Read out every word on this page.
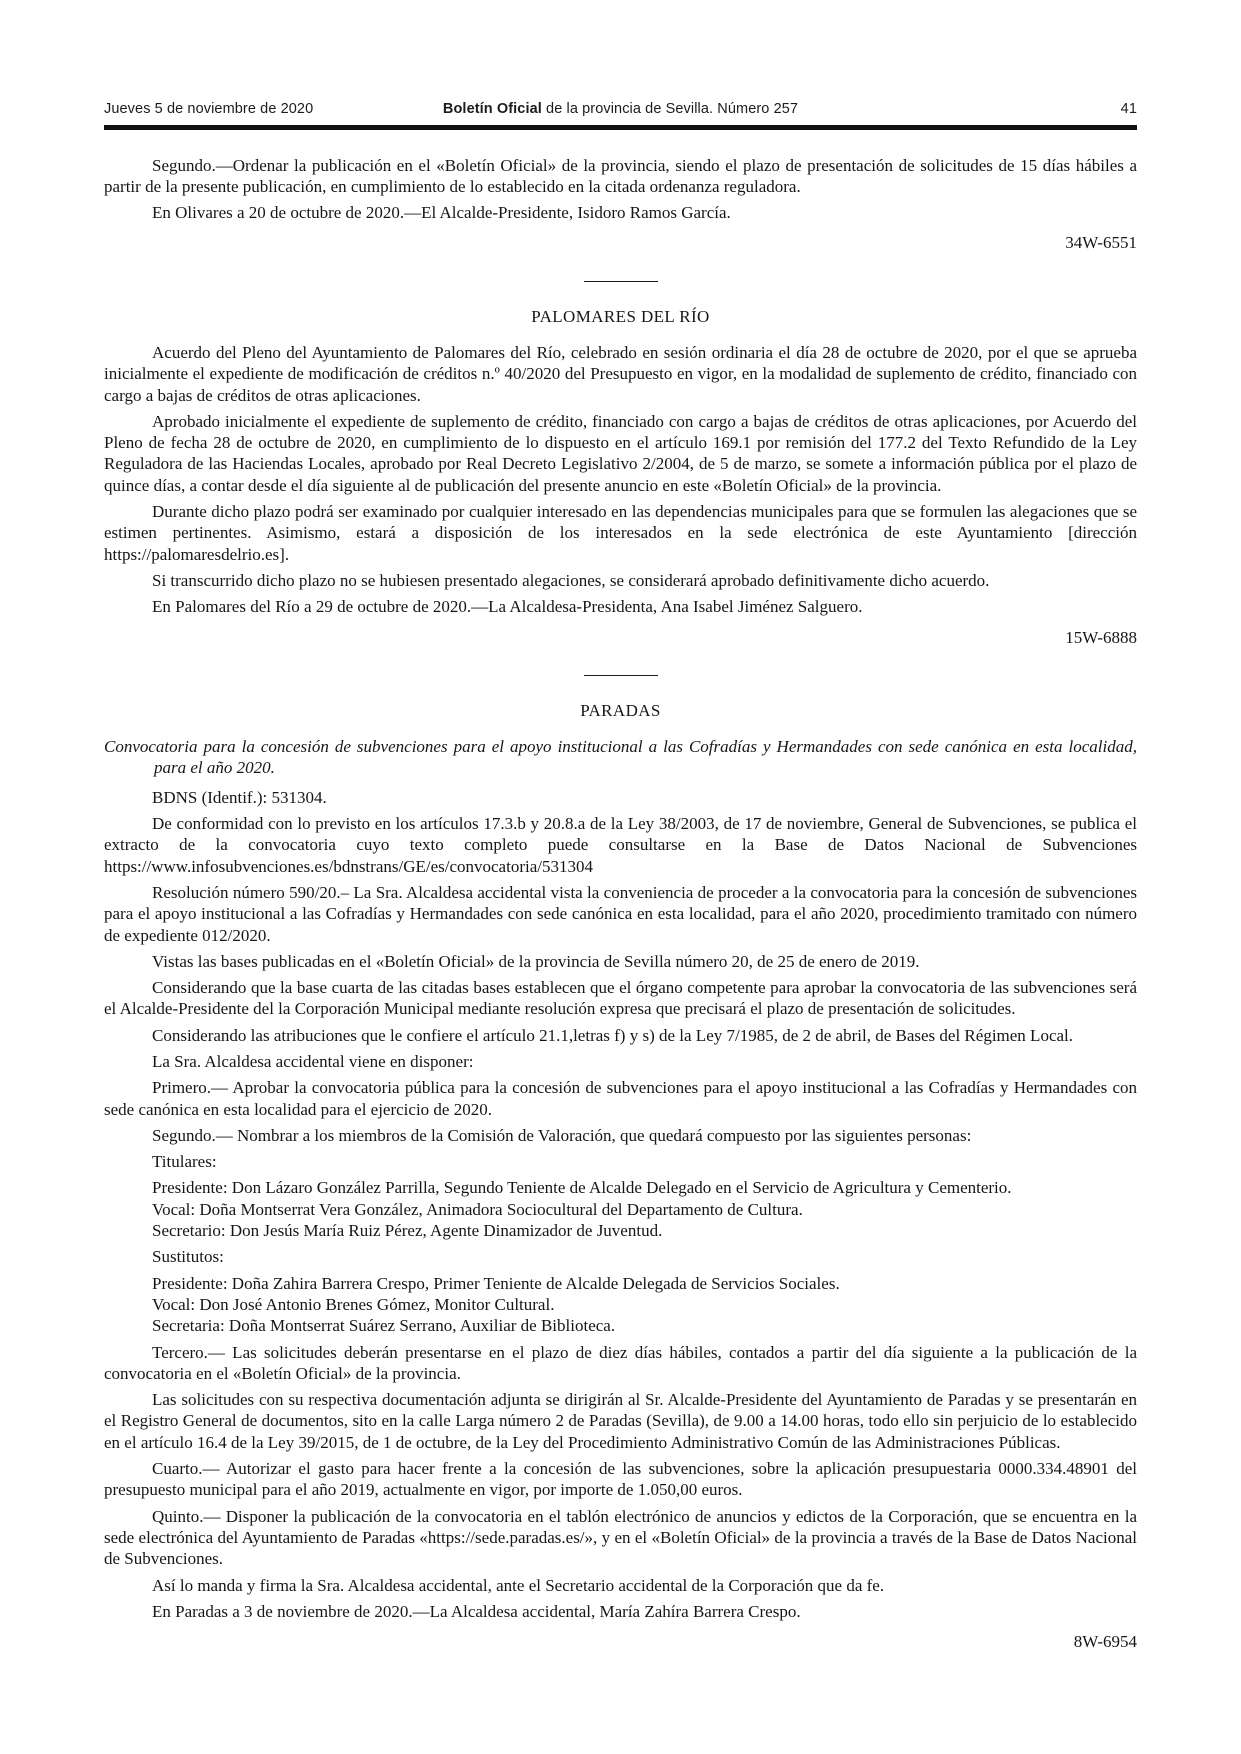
Jueves 5 de noviembre de 2020	Boletín Oficial de la provincia de Sevilla. Número 257	41

Segundo.—Ordenar la publicación en el «Boletín Oficial» de la provincia, siendo el plazo de presentación de solicitudes de 15 días hábiles a partir de la presente publicación, en cumplimiento de lo establecido en la citada ordenanza reguladora.

En Olivares a 20 de octubre de 2020.—El Alcalde-Presidente, Isidoro Ramos García.

34W-6551

PALOMARES DEL RÍO

Acuerdo del Pleno del Ayuntamiento de Palomares del Río, celebrado en sesión ordinaria el día 28 de octubre de 2020, por el que se aprueba inicialmente el expediente de modificación de créditos n.º 40/2020 del Presupuesto en vigor, en la modalidad de suplemento de crédito, financiado con cargo a bajas de créditos de otras aplicaciones.

Aprobado inicialmente el expediente de suplemento de crédito, financiado con cargo a bajas de créditos de otras aplicaciones, por Acuerdo del Pleno de fecha 28 de octubre de 2020, en cumplimiento de lo dispuesto en el artículo 169.1 por remisión del 177.2 del Texto Refundido de la Ley Reguladora de las Haciendas Locales, aprobado por Real Decreto Legislativo 2/2004, de 5 de marzo, se somete a información pública por el plazo de quince días, a contar desde el día siguiente al de publicación del presente anuncio en este «Boletín Oficial» de la provincia.

Durante dicho plazo podrá ser examinado por cualquier interesado en las dependencias municipales para que se formulen las alegaciones que se estimen pertinentes. Asimismo, estará a disposición de los interesados en la sede electrónica de este Ayuntamiento [dirección https://palomaresdelrio.es].

Si transcurrido dicho plazo no se hubiesen presentado alegaciones, se considerará aprobado definitivamente dicho acuerdo.

En Palomares del Río a 29 de octubre de 2020.—La Alcaldesa-Presidenta, Ana Isabel Jiménez Salguero.

15W-6888

PARADAS

Convocatoria para la concesión de subvenciones para el apoyo institucional a las Cofradías y Hermandades con sede canónica en esta localidad, para el año 2020.

BDNS (Identif.): 531304.

De conformidad con lo previsto en los artículos 17.3.b y 20.8.a de la Ley 38/2003, de 17 de noviembre, General de Subvenciones, se publica el extracto de la convocatoria cuyo texto completo puede consultarse en la Base de Datos Nacional de Subvenciones https://www.infosubvenciones.es/bdnstrans/GE/es/convocatoria/531304

Resolución número 590/20.– La Sra. Alcaldesa accidental vista la conveniencia de proceder a la convocatoria para la concesión de subvenciones para el apoyo institucional a las Cofradías y Hermandades con sede canónica en esta localidad, para el año 2020, procedimiento tramitado con número de expediente 012/2020.

Vistas las bases publicadas en el «Boletín Oficial» de la provincia de Sevilla número 20, de 25 de enero de 2019.

Considerando que la base cuarta de las citadas bases establecen que el órgano competente para aprobar la convocatoria de las subvenciones será el Alcalde-Presidente del la Corporación Municipal mediante resolución expresa que precisará el plazo de presentación de solicitudes.

Considerando las atribuciones que le confiere el artículo 21.1,letras f) y s) de la Ley 7/1985, de 2 de abril, de Bases del Régimen Local.

La Sra. Alcaldesa accidental viene en disponer:

Primero.— Aprobar la convocatoria pública para la concesión de subvenciones para el apoyo institucional a las Cofradías y Hermandades con sede canónica en esta localidad para el ejercicio de 2020.

Segundo.— Nombrar a los miembros de la Comisión de Valoración, que quedará compuesto por las siguientes personas:

Titulares:

Presidente: Don Lázaro González Parrilla, Segundo Teniente de Alcalde Delegado en el Servicio de Agricultura y Cementerio.

Vocal: Doña Montserrat Vera González, Animadora Sociocultural del Departamento de Cultura.

Secretario: Don Jesús María Ruiz Pérez, Agente Dinamizador de Juventud.

Sustitutos:

Presidente: Doña Zahira Barrera Crespo, Primer Teniente de Alcalde Delegada de Servicios Sociales.

Vocal: Don José Antonio Brenes Gómez, Monitor Cultural.

Secretaria: Doña Montserrat Suárez Serrano, Auxiliar de Biblioteca.

Tercero.— Las solicitudes deberán presentarse en el plazo de diez días hábiles, contados a partir del día siguiente a la publicación de la convocatoria en el «Boletín Oficial» de la provincia.

Las solicitudes con su respectiva documentación adjunta se dirigirán al Sr. Alcalde-Presidente del Ayuntamiento de Paradas y se presentarán en el Registro General de documentos, sito en la calle Larga número 2 de Paradas (Sevilla), de 9.00 a 14.00 horas, todo ello sin perjuicio de lo establecido en el artículo 16.4 de la Ley 39/2015, de 1 de octubre, de la Ley del Procedimiento Administrativo Común de las Administraciones Públicas.

Cuarto.— Autorizar el gasto para hacer frente a la concesión de las subvenciones, sobre la aplicación presupuestaria 0000.334.48901 del presupuesto municipal para el año 2019, actualmente en vigor, por importe de 1.050,00 euros.

Quinto.— Disponer la publicación de la convocatoria en el tablón electrónico de anuncios y edictos de la Corporación, que se encuentra en la sede electrónica del Ayuntamiento de Paradas «https://sede.paradas.es/», y en el «Boletín Oficial» de la provincia a través de la Base de Datos Nacional de Subvenciones.

Así lo manda y firma la Sra. Alcaldesa accidental, ante el Secretario accidental de la Corporación que da fe.

En Paradas a 3 de noviembre de 2020.—La Alcaldesa accidental, María Zahíra Barrera Crespo.

8W-6954
